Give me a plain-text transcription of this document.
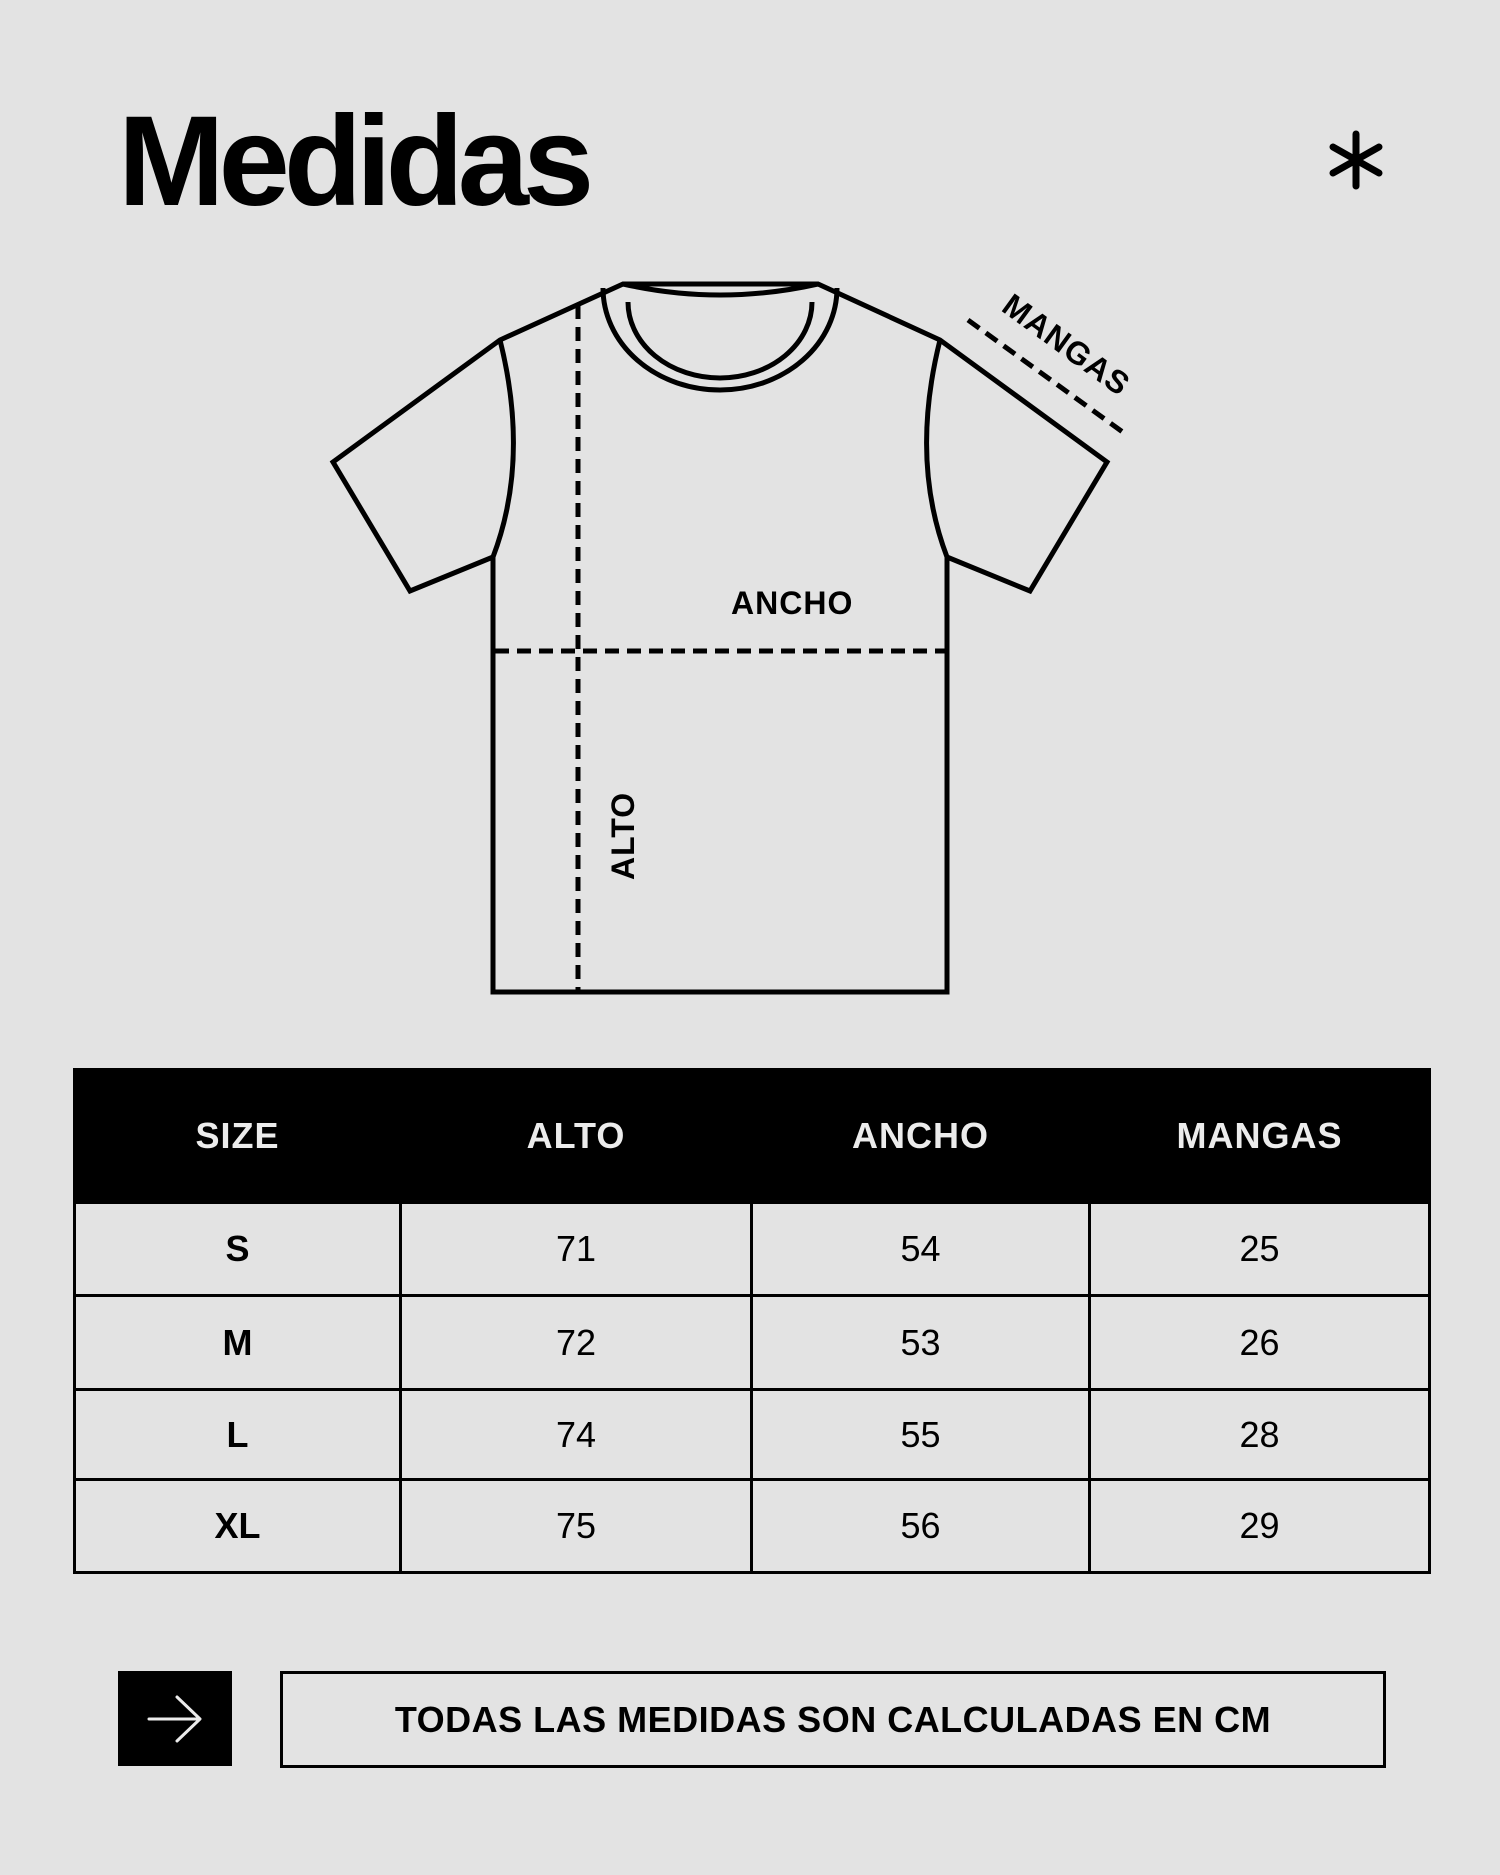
Medidas
ANCHO
ALTO
MANGAS
SIZE	ALTO	ANCHO	MANGAS
S	71	54	25
M	72	53	26
L	74	55	28
XL	75	56	29
TODAS LAS MEDIDAS SON CALCULADAS EN CM
